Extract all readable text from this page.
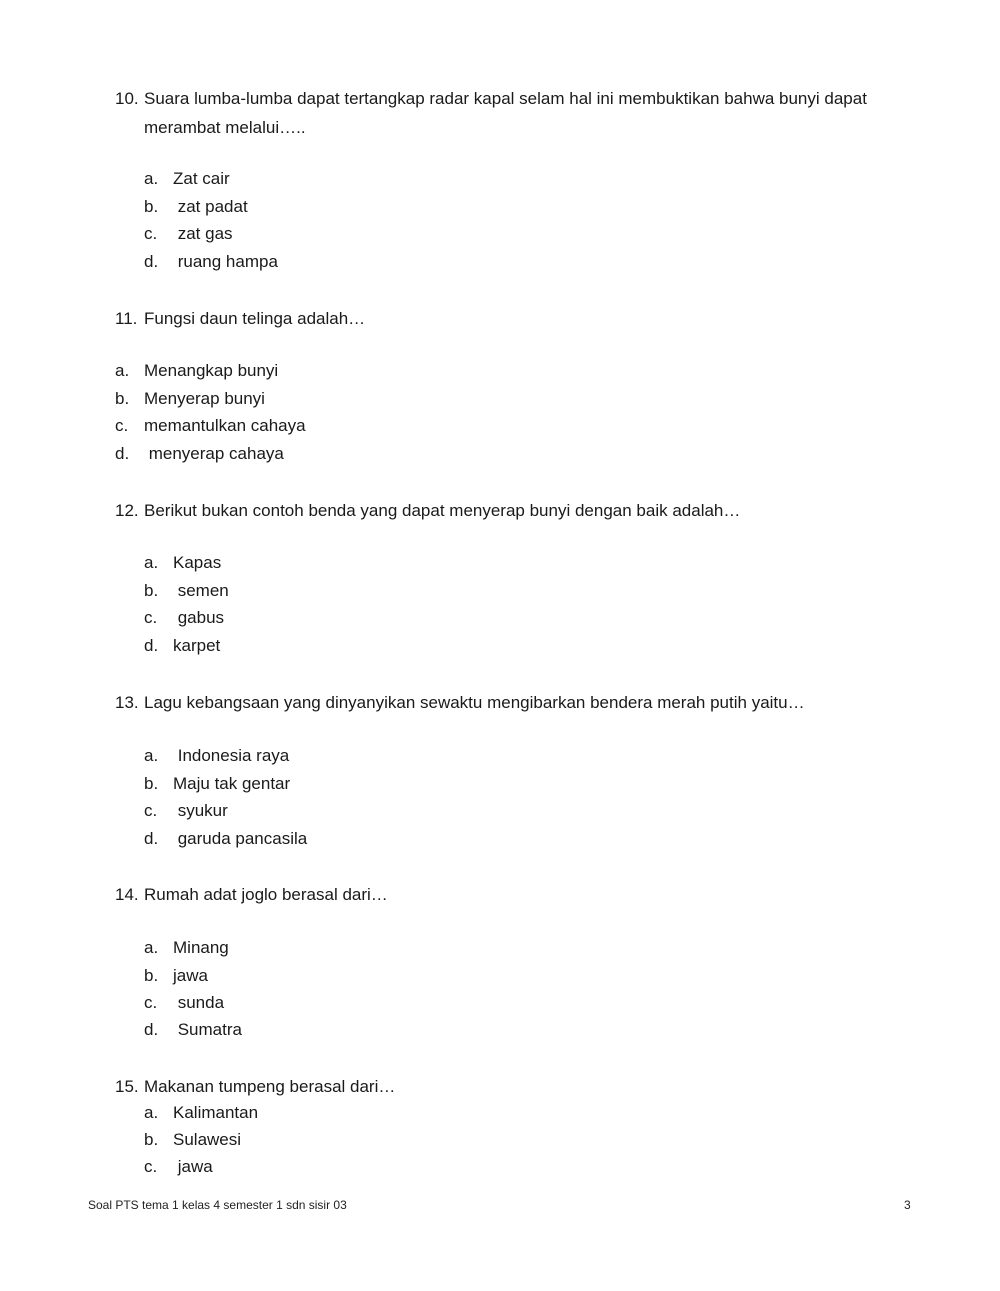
10. Suara lumba-lumba dapat tertangkap radar kapal selam hal ini membuktikan bahwa bunyi dapat merambat melalui…..
a. Zat cair
b. zat padat
c. zat gas
d. ruang hampa
11. Fungsi daun telinga adalah…
a. Menangkap bunyi
b. Menyerap bunyi
c. memantulkan cahaya
d. menyerap cahaya
12. Berikut bukan contoh benda yang dapat menyerap bunyi dengan baik adalah…
a. Kapas
b. semen
c. gabus
d. karpet
13. Lagu kebangsaan yang dinyanyikan sewaktu mengibarkan bendera merah putih yaitu…
a. Indonesia raya
b. Maju tak gentar
c. syukur
d. garuda pancasila
14. Rumah adat joglo berasal dari…
a. Minang
b. jawa
c. sunda
d. Sumatra
15. Makanan tumpeng berasal dari…
a. Kalimantan
b. Sulawesi
c. jawa
Soal PTS tema 1 kelas 4 semester 1 sdn sisir 03	3
